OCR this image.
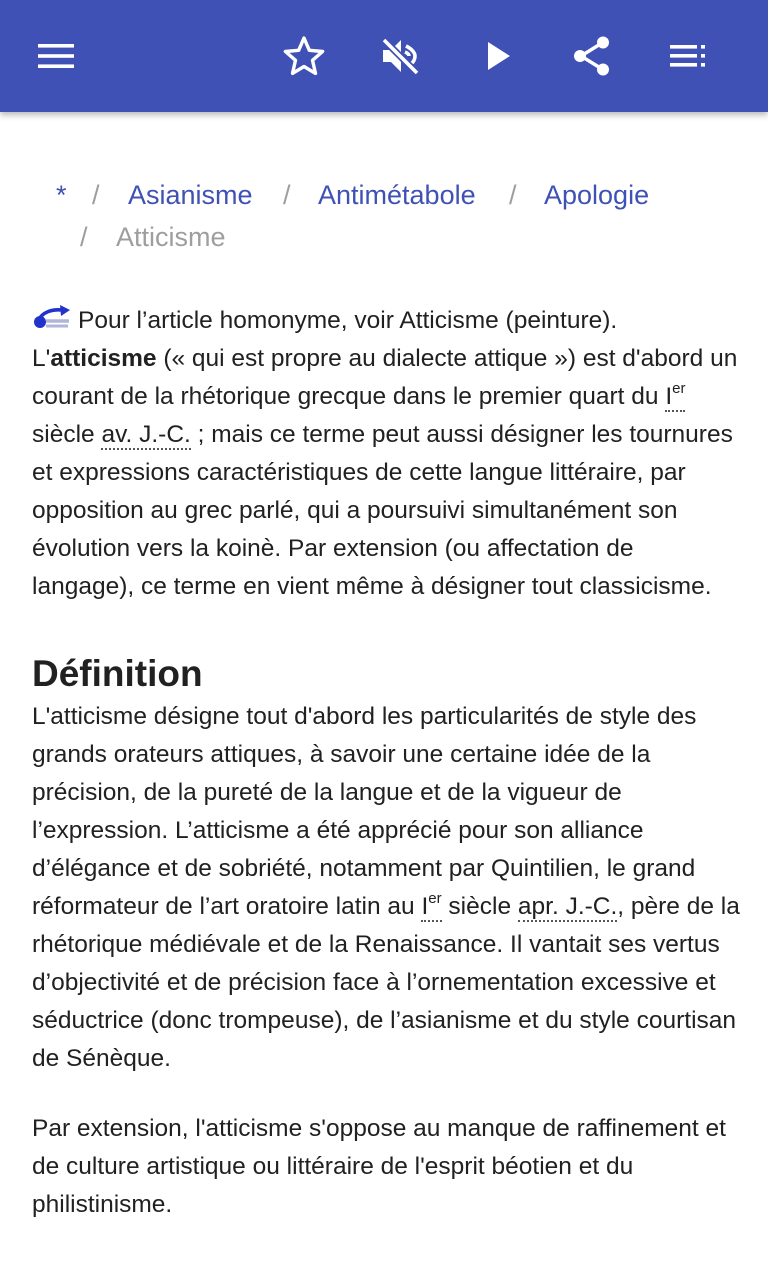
* / Asianisme / Antimétabole / Apologie
/ Atticisme

Pour l’article homonyme, voir Atticisme (peinture).

L'atticisme (« qui est propre au dialecte attique ») est d'abord un courant de la rhétorique grecque dans le premier quart du Ier siècle av. J.-C. ; mais ce terme peut aussi désigner les tournures et expressions caractéristiques de cette langue littéraire, par opposition au grec parlé, qui a poursuivi simultanément son évolution vers la koinè. Par extension (ou affectation de langage), ce terme en vient même à désigner tout classicisme.

Définition

L'atticisme désigne tout d'abord les particularités de style des grands orateurs attiques, à savoir une certaine idée de la précision, de la pureté de la langue et de la vigueur de l’expression. L’atticisme a été apprécié pour son alliance d’élégance et de sobriété, notamment par Quintilien, le grand réformateur de l’art oratoire latin au Ier siècle apr. J.-C., père de la rhétorique médiévale et de la Renaissance. Il vantait ses vertus d’objectivité et de précision face à l’ornementation excessive et séductrice (donc trompeuse), de l’asianisme et du style courtisan de Sénèque.

Par extension, l'atticisme s'oppose au manque de raffinement et de culture artistique ou littéraire de l'esprit béotien et du philistinisme.
